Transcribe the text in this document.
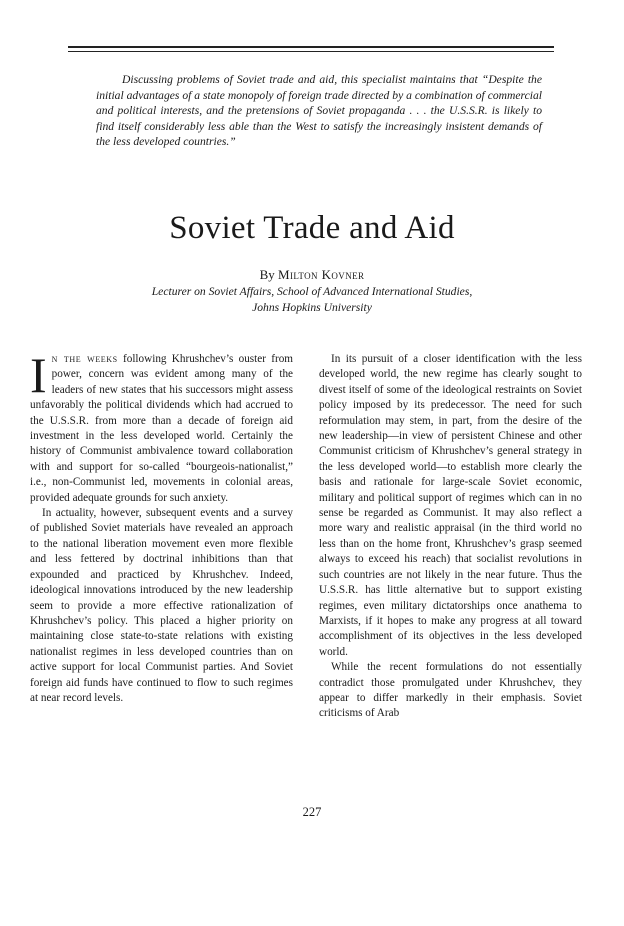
Discussing problems of Soviet trade and aid, this specialist maintains that “Despite the initial advantages of a state monopoly of foreign trade directed by a combination of commercial and political interests, and the pretensions of Soviet propaganda . . . the U.S.S.R. is likely to find itself considerably less able than the West to satisfy the increasingly insistent demands of the less developed countries.”
Soviet Trade and Aid
By Milton Kovner
Lecturer on Soviet Affairs, School of Advanced International Studies,
Johns Hopkins University

In the weeks following Khrushchev’s ouster from power, concern was evident among many of the leaders of new states that his successors might assess unfavorably the political dividends which had accrued to the U.S.S.R. from more than a decade of foreign aid investment in the less developed world. Certainly the history of Communist ambivalence toward collaboration with and support for so-called “bourgeois-nationalist,” i.e., non-Communist led, movements in colonial areas, provided adequate grounds for such anxiety.

In actuality, however, subsequent events and a survey of published Soviet materials have revealed an approach to the national liberation movement even more flexible and less fettered by doctrinal inhibitions than that expounded and practiced by Khrushchev. Indeed, ideological innovations introduced by the new leadership seem to provide a more effective rationalization of Khrushchev’s policy. This placed a higher priority on maintaining close state-to-state relations with existing nationalist regimes in less developed countries than on active support for local Communist parties. And Soviet foreign aid funds have continued to flow to such regimes at near record levels.

In its pursuit of a closer identification with the less developed world, the new regime has clearly sought to divest itself of some of the ideological restraints on Soviet policy imposed by its predecessor. The need for such reformulation may stem, in part, from the desire of the new leadership—in view of persistent Chinese and other Communist criticism of Khrushchev’s general strategy in the less developed world—to establish more clearly the basis and rationale for large-scale Soviet economic, military and political support of regimes which can in no sense be regarded as Communist. It may also reflect a more wary and realistic appraisal (in the third world no less than on the home front, Khrushchev’s grasp seemed always to exceed his reach) that socialist revolutions in such countries are not likely in the near future. Thus the U.S.S.R. has little alternative but to support existing regimes, even military dictatorships once anathema to Marxists, if it hopes to make any progress at all toward accomplishment of its objectives in the less developed world.

While the recent formulations do not essentially contradict those promulgated under Khrushchev, they appear to differ markedly in their emphasis. Soviet criticisms of Arab

227
